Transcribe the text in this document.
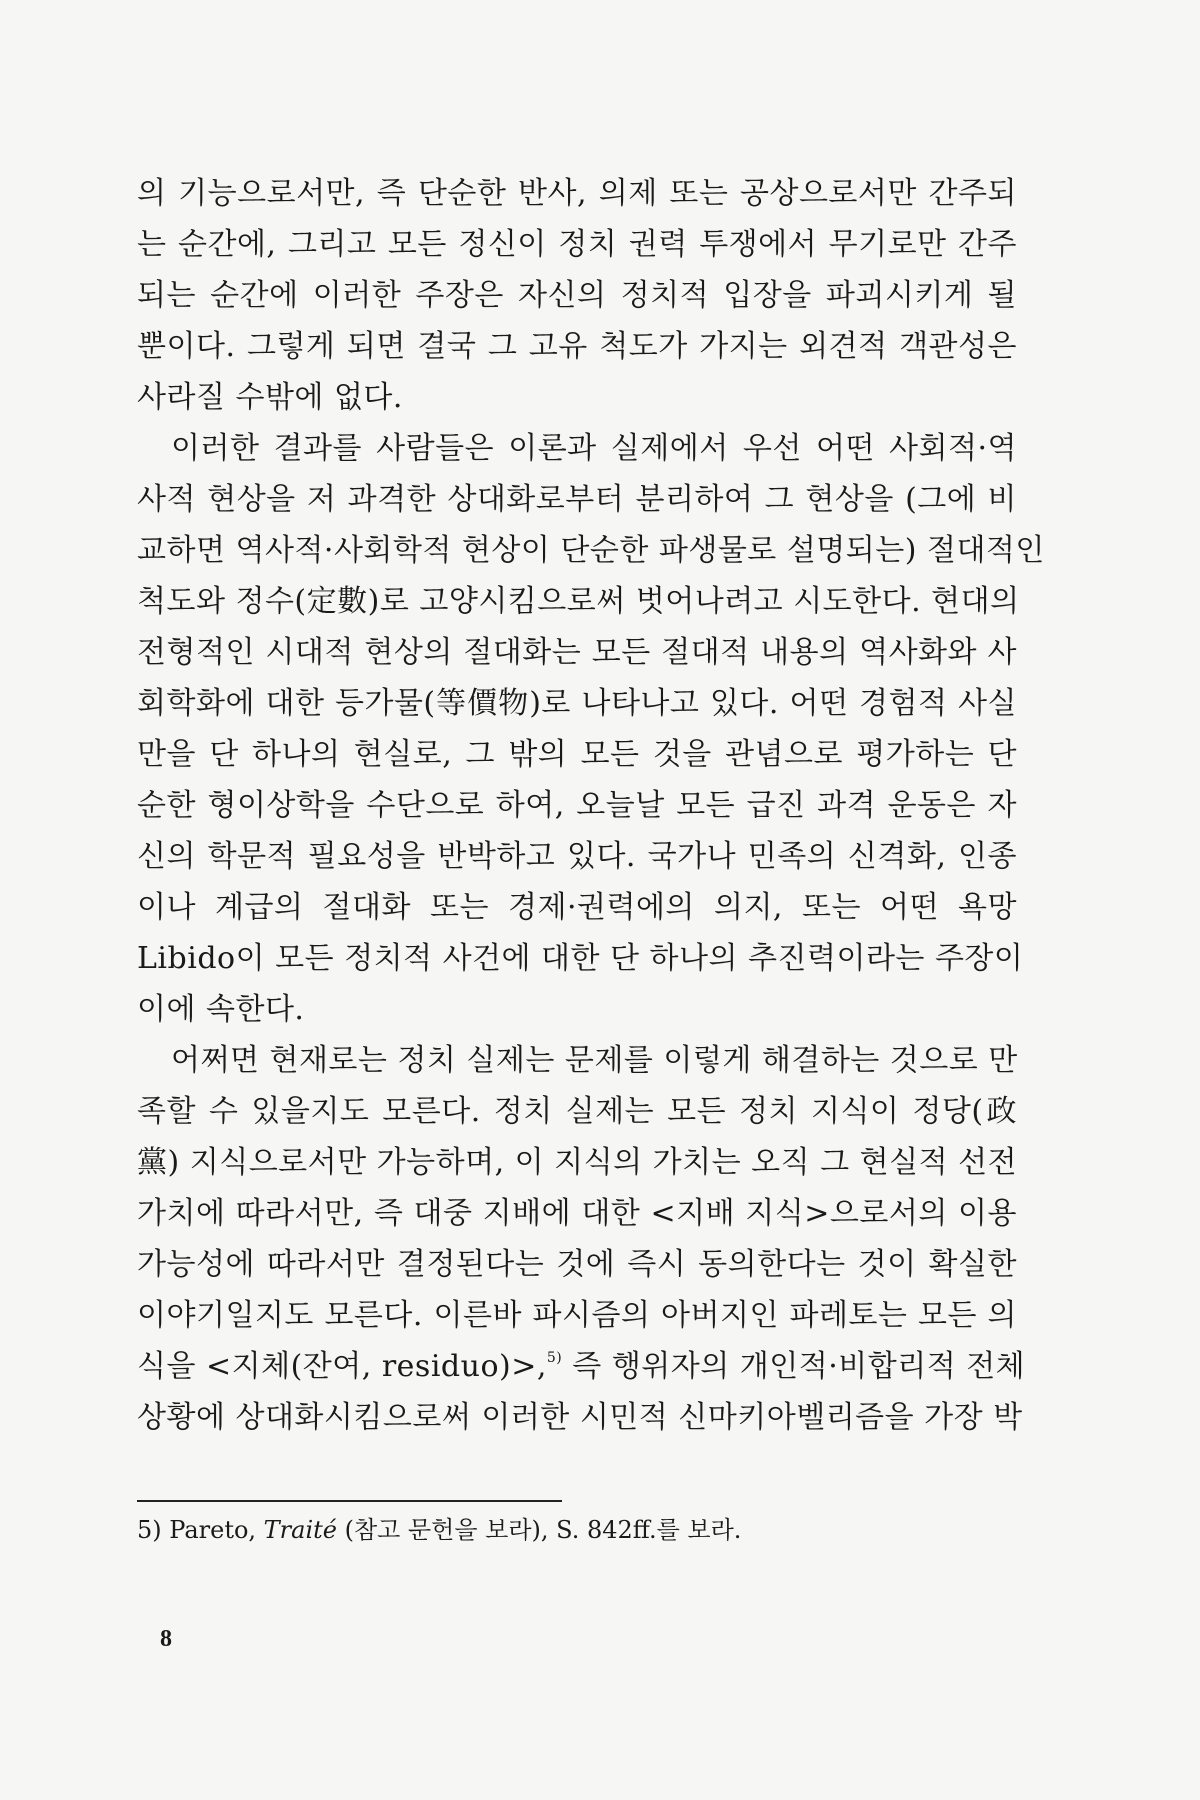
의 기능으로서만, 즉 단순한 반사, 의제 또는 공상으로서만 간주되
는 순간에, 그리고 모든 정신이 정치 권력 투쟁에서 무기로만 간주
되는 순간에 이러한 주장은 자신의 정치적 입장을 파괴시키게 될
뿐이다. 그렇게 되면 결국 그 고유 척도가 가지는 외견적 객관성은
사라질 수밖에 없다.
이러한 결과를 사람들은 이론과 실제에서 우선 어떤 사회적·역
사적 현상을 저 과격한 상대화로부터 분리하여 그 현상을 (그에 비
교하면 역사적·사회학적 현상이 단순한 파생물로 설명되는) 절대적인
척도와 정수(定數)로 고양시킴으로써 벗어나려고 시도한다. 현대의
전형적인 시대적 현상의 절대화는 모든 절대적 내용의 역사화와 사
회학화에 대한 등가물(等價物)로 나타나고 있다. 어떤 경험적 사실
만을 단 하나의 현실로, 그 밖의 모든 것을 관념으로 평가하는 단
순한 형이상학을 수단으로 하여, 오늘날 모든 급진 과격 운동은 자
신의 학문적 필요성을 반박하고 있다. 국가나 민족의 신격화, 인종
이나 계급의 절대화 또는 경제·권력에의 의지, 또는 어떤 욕망
Libido이 모든 정치적 사건에 대한 단 하나의 추진력이라는 주장이
이에 속한다.
어쩌면 현재로는 정치 실제는 문제를 이렇게 해결하는 것으로 만
족할 수 있을지도 모른다. 정치 실제는 모든 정치 지식이 정당(政
黨) 지식으로서만 가능하며, 이 지식의 가치는 오직 그 현실적 선전
가치에 따라서만, 즉 대중 지배에 대한 <지배 지식>으로서의 이용
가능성에 따라서만 결정된다는 것에 즉시 동의한다는 것이 확실한
이야기일지도 모른다. 이른바 파시즘의 아버지인 파레토는 모든 의
식을 <지체(잔여, residuo)>,$^{5)}$ 즉 행위자의 개인적·비합리적 전체
상황에 상대화시킴으로써 이러한 시민적 신마키아벨리즘을 가장 박
5) Pareto, Traité (참고 문헌을 보라), S. 842ff.를 보라.
8
